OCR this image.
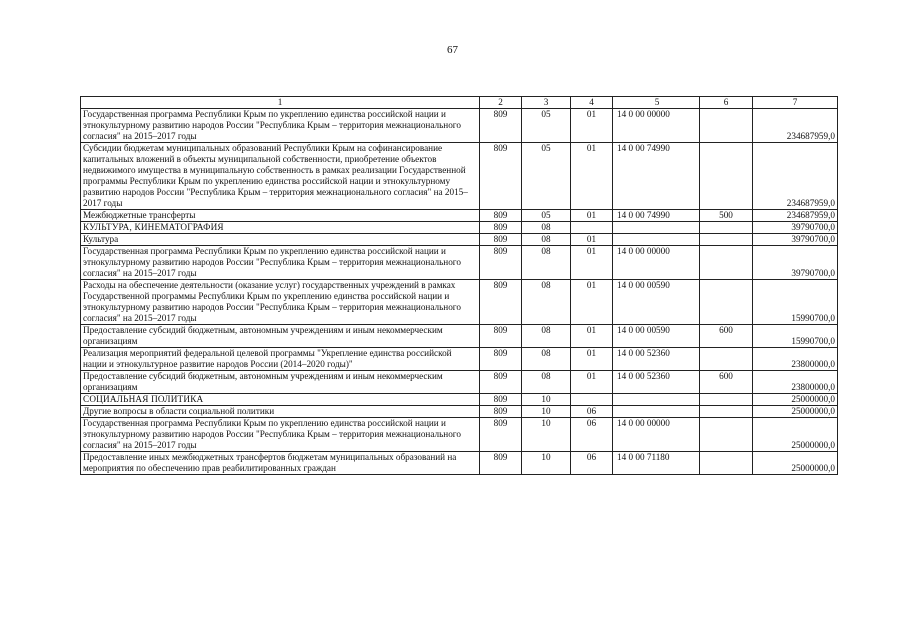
67
1	2	3	4	5	6	7
Государственная программа Республики Крым по укреплению единства российской нации и этнокультурному развитию народов России "Республика Крым – территория межнационального согласия" на 2015–2017 годы	809	05	01	14 0 00 00000		234687959,0
Субсидии бюджетам муниципальных образований Республики Крым на софинансирование капитальных вложений в объекты муниципальной собственности, приобретение объектов недвижимого имущества в муниципальную собственность в рамках реализации Государственной программы Республики Крым по укреплению единства российской нации и этнокультурному развитию народов России "Республика Крым – территория межнационального согласия" на 2015–2017 годы	809	05	01	14 0 00 74990		234687959,0
Межбюджетные трансферты	809	05	01	14 0 00 74990	500	234687959,0
КУЛЬТУРА, КИНЕМАТОГРАФИЯ	809	08				39790700,0
Культура	809	08	01			39790700,0
Государственная программа Республики Крым по укреплению единства российской нации и этнокультурному развитию народов России "Республика Крым – территория межнационального согласия" на 2015–2017 годы	809	08	01	14 0 00 00000		39790700,0
Расходы на обеспечение деятельности (оказание услуг) государственных учреждений в рамках Государственной программы Республики Крым по укреплению единства российской нации и этнокультурному развитию народов России "Республика Крым – территория межнационального согласия" на 2015–2017 годы	809	08	01	14 0 00 00590		15990700,0
Предоставление субсидий бюджетным, автономным учреждениям и иным некоммерческим организациям	809	08	01	14 0 00 00590	600	15990700,0
Реализация мероприятий федеральной целевой программы "Укрепление единства российской нации и этнокультурное развитие народов России (2014–2020 годы)"	809	08	01	14 0 00 52360		23800000,0
Предоставление субсидий бюджетным, автономным учреждениям и иным некоммерческим организациям	809	08	01	14 0 00 52360	600	23800000,0
СОЦИАЛЬНАЯ ПОЛИТИКА	809	10				25000000,0
Другие вопросы в области социальной политики	809	10	06			25000000,0
Государственная программа Республики Крым по укреплению единства российской нации и этнокультурному развитию народов России "Республика Крым – территория межнационального согласия" на 2015–2017 годы	809	10	06	14 0 00 00000		25000000,0
Предоставление иных межбюджетных трансфертов бюджетам муниципальных образований на мероприятия по обеспечению прав реабилитированных граждан	809	10	06	14 0 00 71180		25000000,0
